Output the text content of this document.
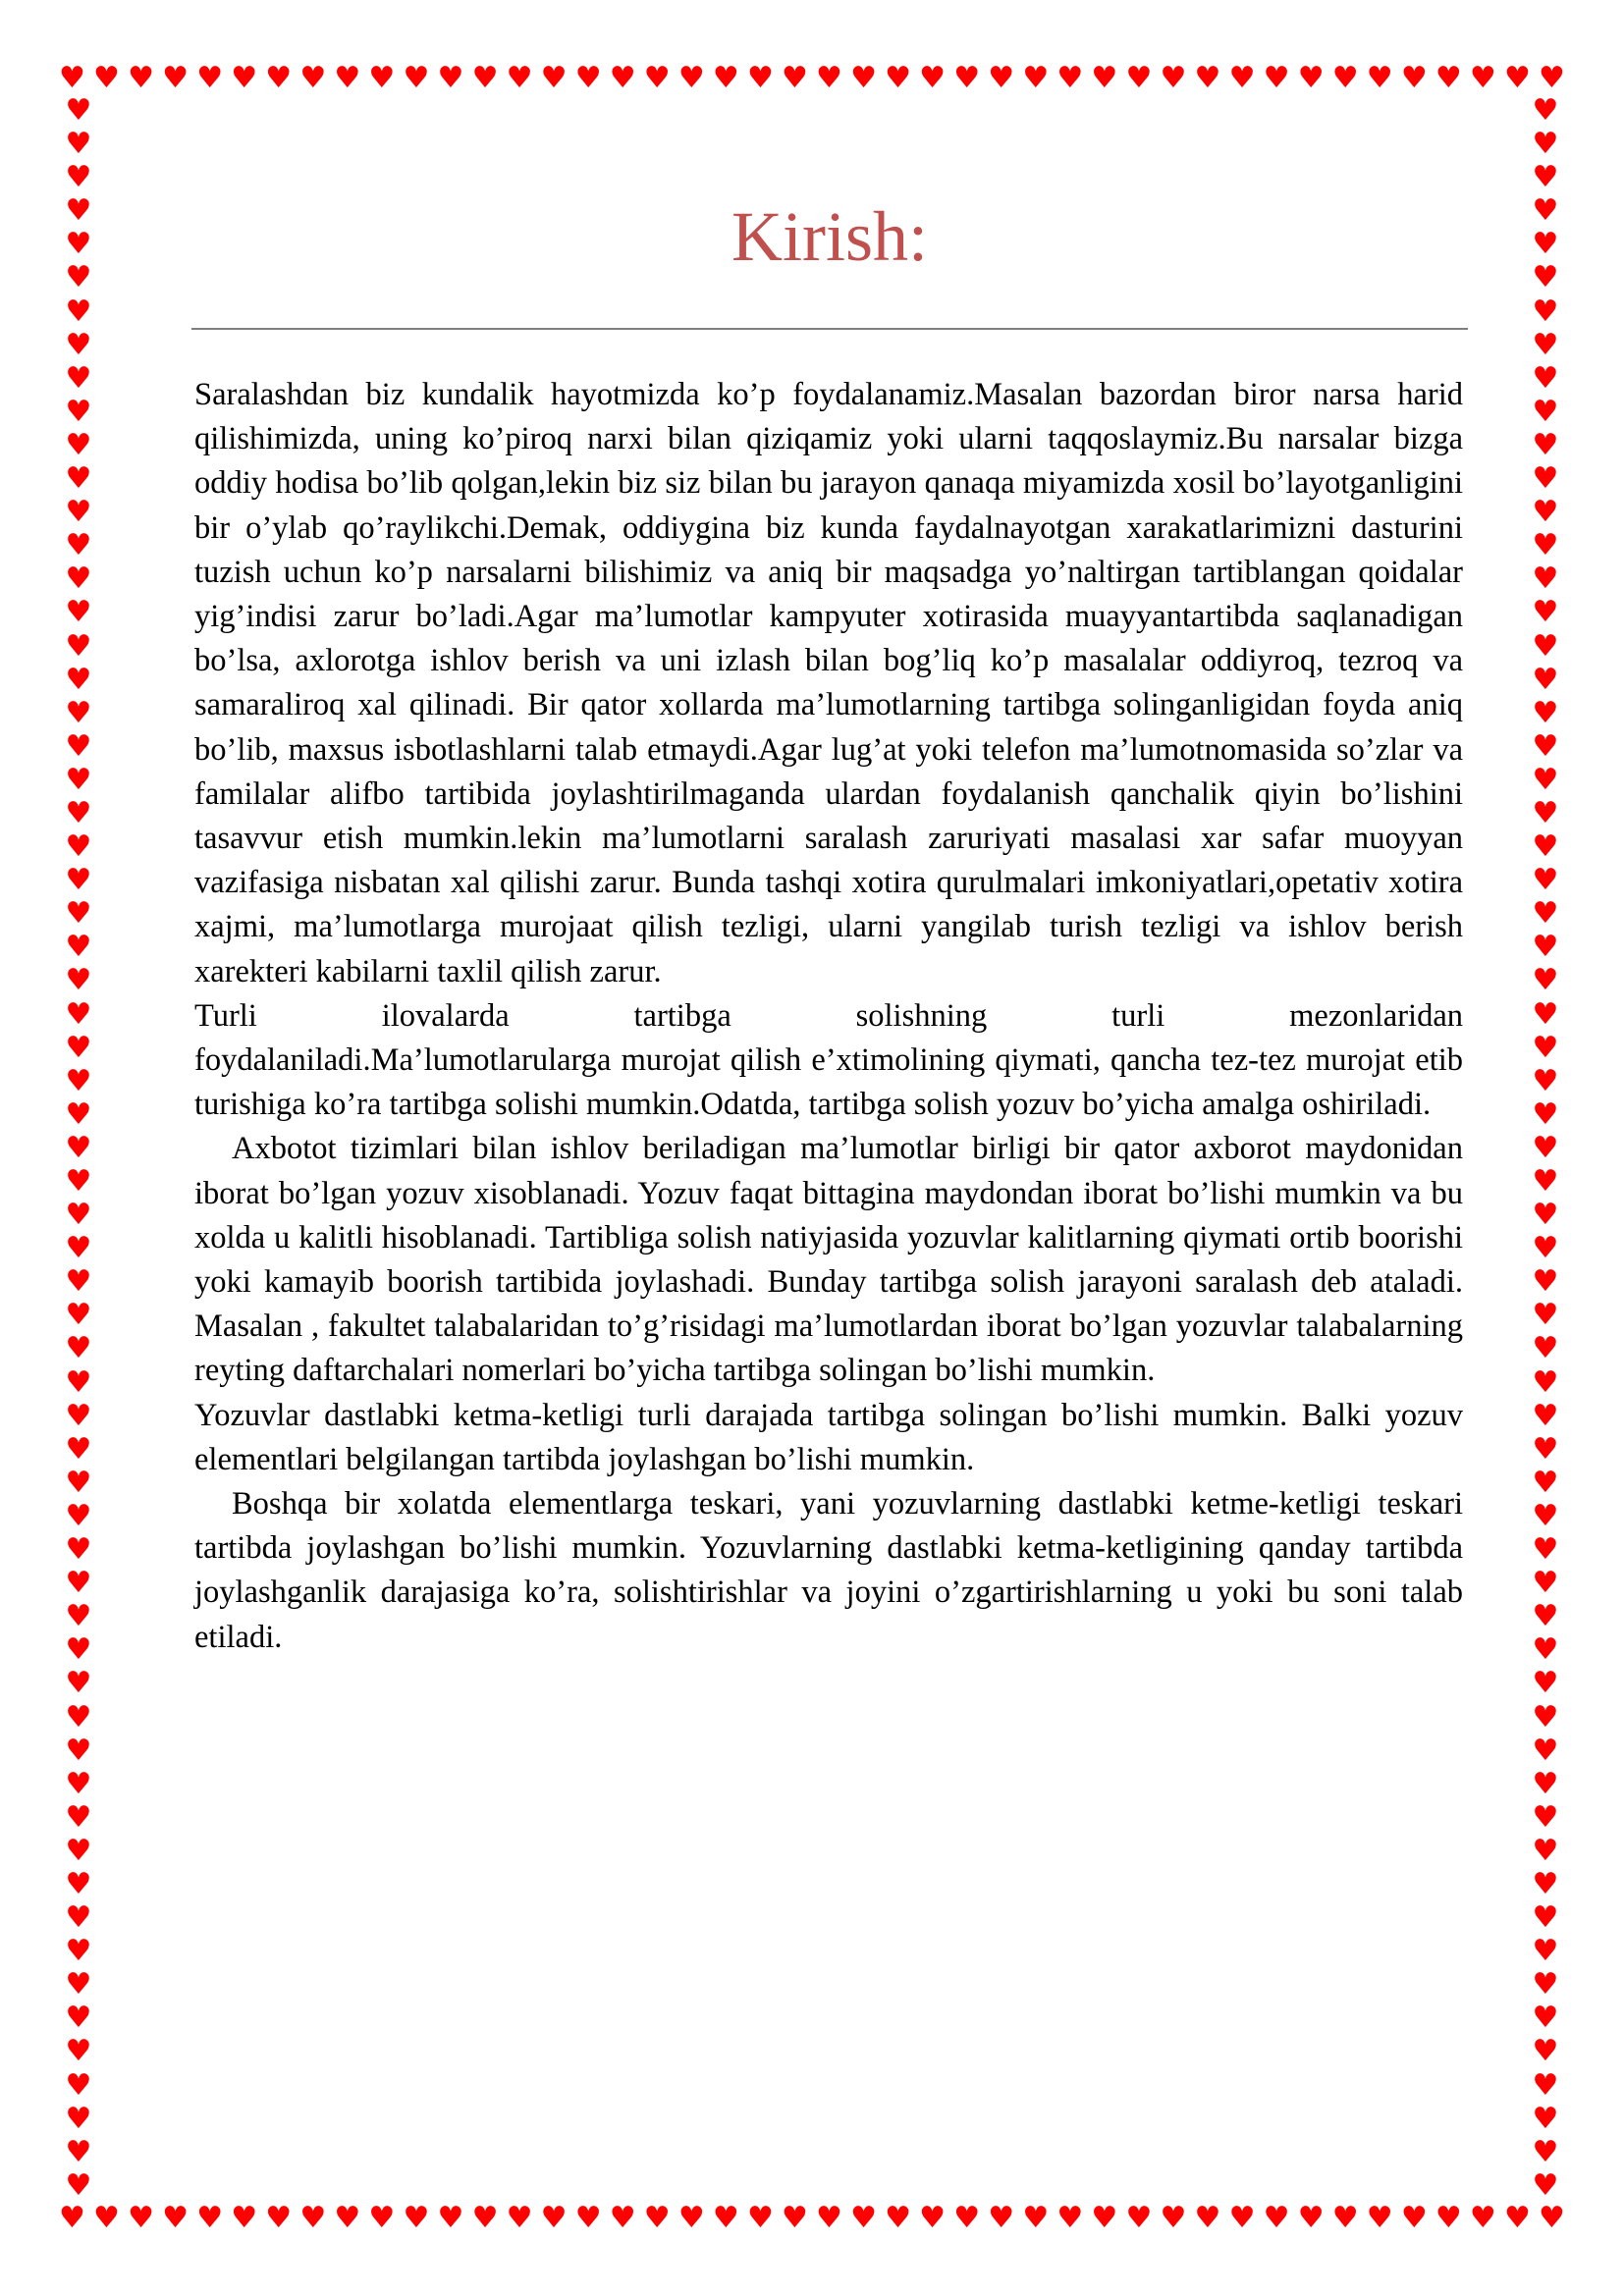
♥ ♥ ♥ ♥ ♥ ♥ ♥ ♥ ♥ ♥ ♥ ♥ ♥ ♥ ♥ ♥ ♥ ♥ ♥ ♥ ♥ ♥ ♥ ♥ ♥ ♥ ♥ ♥ ♥ ♥ ♥ ♥ ♥ ♥ ♥ ♥ ♥ ♥ ♥ ♥ ♥ ♥ ♥ ♥
♥ ♥ ♥ ♥ ♥ ♥ ♥ ♥ ♥ ♥ ♥ ♥ ♥ ♥ ♥ ♥ ♥ ♥ ♥ ♥ ♥ ♥ ♥ ♥ ♥ ♥ ♥ ♥ ♥ ♥ ♥ ♥ ♥ ♥ ♥ ♥ ♥ ♥ ♥ ♥ ♥ ♥ ♥ ♥
♥
♥
♥
♥
♥
♥
♥
♥
♥
♥
♥
♥
♥
♥
♥
♥
♥
♥
♥
♥
♥
♥
♥
♥
♥
♥
♥
♥
♥
♥
♥
♥
♥
♥
♥
♥
♥
♥
♥
♥
♥
♥
♥
♥
♥
♥
♥
♥
♥
♥
♥
♥
♥
♥
♥
♥
♥
♥
♥
♥
♥
♥
♥
♥
♥
♥
♥
♥
♥
♥
♥
♥
♥
♥
♥
♥
♥
♥
♥
♥
♥
♥
♥
♥
♥
♥
♥
♥
♥
♥
♥
♥
♥
♥
♥
♥
♥
♥
♥
♥
♥
♥
♥
♥
♥
♥
♥
♥
♥
♥
♥
♥
♥
♥
♥
♥
♥
♥
♥
♥
♥
♥
♥
♥
♥
♥
Kirish:

Saralashdan biz kundalik hayotmizda ko’p foydalanamiz.Masalan bazordan biror narsa harid qilishimizda, uning ko’piroq narxi bilan qiziqamiz yoki ularni taqqoslaymiz.Bu narsalar bizga oddiy hodisa bo’lib qolgan,lekin biz siz bilan bu jarayon qanaqa miyamizda xosil bo’layotganligini bir o’ylab qo’raylikchi.Demak, oddiygina biz kunda faydalnayotgan xarakatlarimizni dasturini tuzish uchun ko’p narsalarni bilishimiz va aniq bir maqsadga yo’naltirgan tartiblangan qoidalar yig’indisi zarur bo’ladi.Agar ma’lumotlar kampyuter xotirasida muayyantartibda saqlanadigan bo’lsa, axlorotga ishlov berish va uni izlash bilan bog’liq ko’p masalalar oddiyroq, tezroq va samaraliroq xal qilinadi. Bir qator xollarda ma’lumotlarning tartibga solinganligidan foyda aniq bo’lib, maxsus isbotlashlarni talab etmaydi.Agar lug’at yoki telefon ma’lumotnomasida so’zlar va familalar alifbo tartibida joylashtirilmaganda ulardan foydalanish qanchalik qiyin bo’lishini tasavvur etish mumkin.lekin ma’lumotlarni saralash zaruriyati masalasi xar safar muoyyan vazifasiga nisbatan xal qilishi zarur. Bunda tashqi xotira qurulmalari imkoniyatlari,opetativ xotira xajmi, ma’lumotlarga murojaat qilish tezligi, ularni yangilab turish tezligi va ishlov berish xarekteri kabilarni taxlil qilish zarur.

Turli ilovalarda tartibga solishning turli mezonlaridan

foydalaniladi.Ma’lumotlarularga murojat qilish e’xtimolining qiymati, qancha tez-tez murojat etib turishiga ko’ra tartibga solishi mumkin.Odatda, tartibga solish yozuv bo’yicha amalga oshiriladi.

Axbotot tizimlari bilan ishlov beriladigan ma’lumotlar birligi bir qator axborot maydonidan iborat bo’lgan yozuv xisoblanadi. Yozuv faqat bittagina maydondan iborat bo’lishi mumkin va bu xolda u kalitli hisoblanadi. Tartibliga solish natiyjasida yozuvlar kalitlarning qiymati ortib boorishi yoki kamayib boorish tartibida joylashadi. Bunday tartibga solish jarayoni saralash deb ataladi. Masalan , fakultet talabalaridan to’g’risidagi ma’lumotlardan iborat bo’lgan yozuvlar talabalarning reyting daftarchalari nomerlari bo’yicha tartibga solingan bo’lishi mumkin.

Yozuvlar dastlabki ketma-ketligi turli darajada tartibga solingan bo’lishi mumkin. Balki yozuv elementlari belgilangan tartibda joylashgan bo’lishi mumkin.

Boshqa bir xolatda elementlarga teskari, yani yozuvlarning dastlabki ketme-ketligi teskari tartibda joylashgan bo’lishi mumkin. Yozuvlarning dastlabki ketma-ketligining qanday tartibda joylashganlik darajasiga ko’ra, solishtirishlar va joyini o’zgartirishlarning u yoki bu soni talab etiladi.
